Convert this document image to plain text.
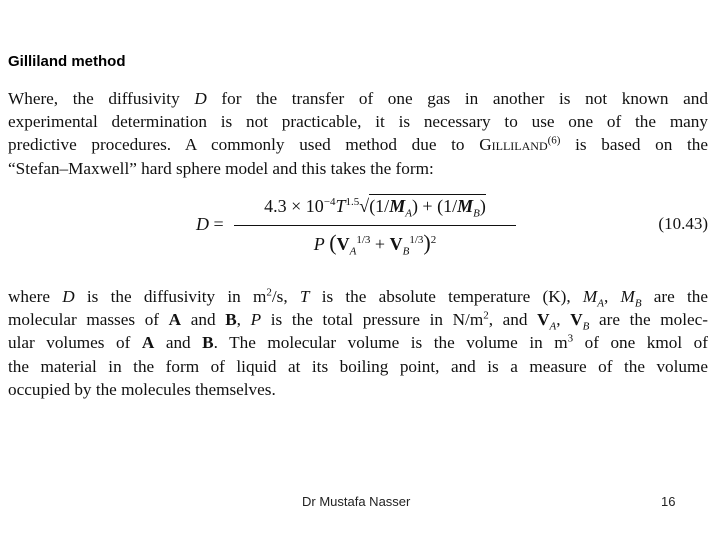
Gilliland method
Where, the diffusivity D for the transfer of one gas in another is not known and
experimental determination is not practicable, it is necessary to use one of the many
predictive procedures. A commonly used method due to Gilliland$^{(6)}$ is based on the
“Stefan–Maxwell” hard sphere model and this takes the form:
D =
$4.3 \times 10^{-4}T^{1.5}√(1/M_A) + (1/M_B)$
P $(V_A^{1/3} + V_B^{1/3})^2$
(10.43)
where D is the diffusivity in $m^2/s$, T is the absolute temperature (K), $M_A$, $M_B$ are the
molecular masses of A and B, P is the total pressure in $N/m^2$, and $V_A$, $V_B$ are the molec-
ular volumes of A and B. The molecular volume is the volume in $m^3$ of one kmol of
the material in the form of liquid at its boiling point, and is a measure of the volume
occupied by the molecules themselves.
Dr Mustafa Nasser	16
